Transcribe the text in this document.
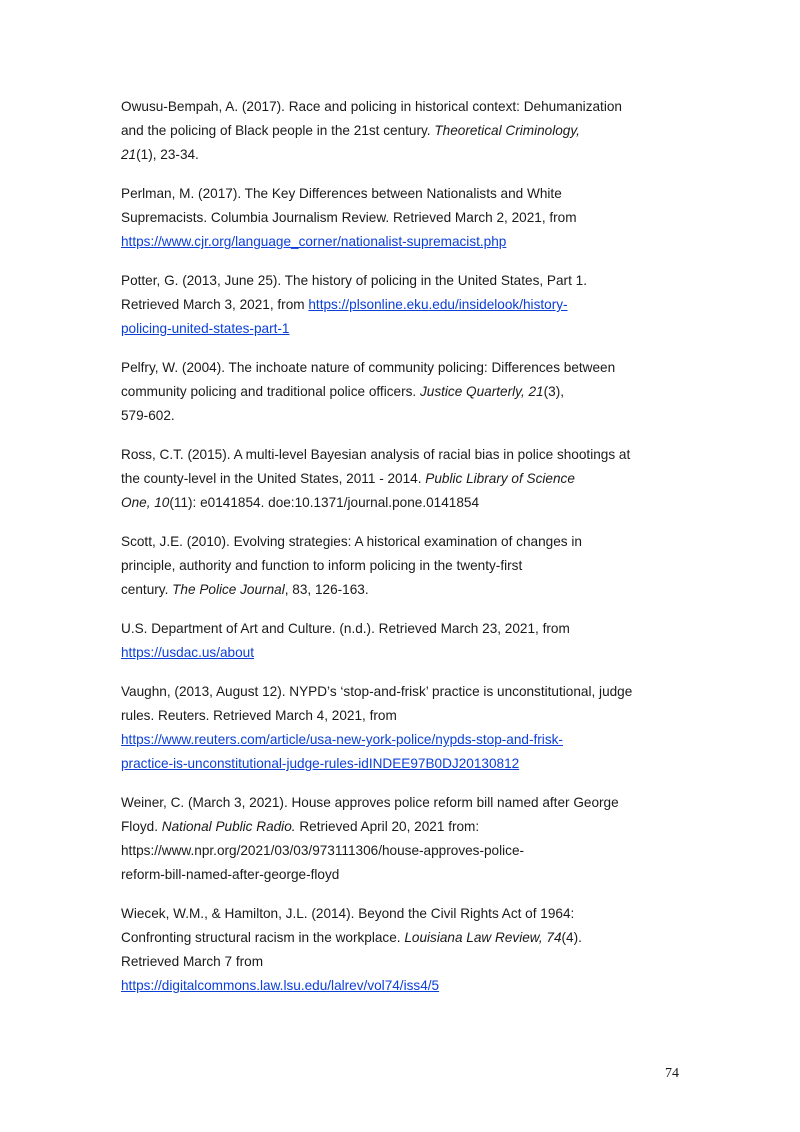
Owusu-Bempah, A. (2017). Race and policing in historical context: Dehumanization
and the policing of Black people in the 21st century. Theoretical Criminology,
21(1), 23-34.

Perlman, M. (2017). The Key Differences between Nationalists and White
Supremacists. Columbia Journalism Review. Retrieved March 2, 2021, from
https://www.cjr.org/language_corner/nationalist-supremacist.php

Potter, G. (2013, June 25). The history of policing in the United States, Part 1.
Retrieved March 3, 2021, from https://plsonline.eku.edu/insidelook/history-
policing-united-states-part-1

Pelfry, W. (2004). The inchoate nature of community policing: Differences between
community policing and traditional police officers. Justice Quarterly, 21(3),
579-602.

Ross, C.T. (2015). A multi-level Bayesian analysis of racial bias in police shootings at
the county-level in the United States, 2011 - 2014. Public Library of Science
One, 10(11): e0141854. doe:10.1371/journal.pone.0141854

Scott, J.E. (2010). Evolving strategies: A historical examination of changes in
principle, authority and function to inform policing in the twenty-first
century. The Police Journal, 83, 126-163.

U.S. Department of Art and Culture. (n.d.). Retrieved March 23, 2021, from
https://usdac.us/about

Vaughn, (2013, August 12). NYPD’s ‘stop-and-frisk’ practice is unconstitutional, judge
rules. Reuters. Retrieved March 4, 2021, from
https://www.reuters.com/article/usa-new-york-police/nypds-stop-and-frisk-
practice-is-unconstitutional-judge-rules-idINDEE97B0DJ20130812

Weiner, C. (March 3, 2021). House approves police reform bill named after George
Floyd. National Public Radio. Retrieved April 20, 2021 from:
https://www.npr.org/2021/03/03/973111306/house-approves-police-
reform-bill-named-after-george-floyd

Wiecek, W.M., & Hamilton, J.L. (2014). Beyond the Civil Rights Act of 1964:
Confronting structural racism in the workplace. Louisiana Law Review, 74(4).
Retrieved March 7 from
https://digitalcommons.law.lsu.edu/lalrev/vol74/iss4/5

74
